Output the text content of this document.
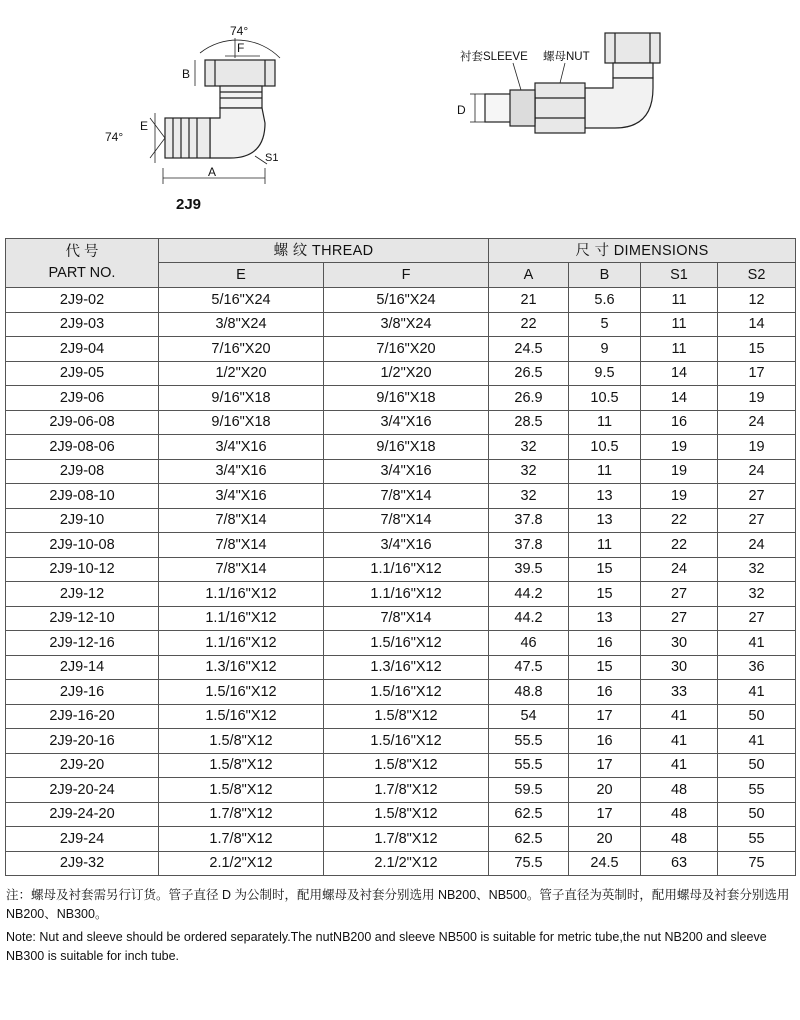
74°
F
B
74°
E
S1
A
2J9
衬套SLEEVE 螺母NUT
D
代 号
PART NO.	螺 纹 THREAD		尺 寸 DIMENSIONS			
	E	F	A	B	S1	S2
2J9-02	5/16"X24	5/16"X24	21	5.6	11	12
2J9-03	3/8"X24	3/8"X24	22	5	11	14
2J9-04	7/16"X20	7/16"X20	24.5	9	11	15
2J9-05	1/2"X20	1/2"X20	26.5	9.5	14	17
2J9-06	9/16"X18	9/16"X18	26.9	10.5	14	19
2J9-06-08	9/16"X18	3/4"X16	28.5	11	16	24
2J9-08-06	3/4"X16	9/16"X18	32	10.5	19	19
2J9-08	3/4"X16	3/4"X16	32	11	19	24
2J9-08-10	3/4"X16	7/8"X14	32	13	19	27
2J9-10	7/8"X14	7/8"X14	37.8	13	22	27
2J9-10-08	7/8"X14	3/4"X16	37.8	11	22	24
2J9-10-12	7/8"X14	1.1/16"X12	39.5	15	24	32
2J9-12	1.1/16"X12	1.1/16"X12	44.2	15	27	32
2J9-12-10	1.1/16"X12	7/8"X14	44.2	13	27	27
2J9-12-16	1.1/16"X12	1.5/16"X12	46	16	30	41
2J9-14	1.3/16"X12	1.3/16"X12	47.5	15	30	36
2J9-16	1.5/16"X12	1.5/16"X12	48.8	16	33	41
2J9-16-20	1.5/16"X12	1.5/8"X12	54	17	41	50
2J9-20-16	1.5/8"X12	1.5/16"X12	55.5	16	41	41
2J9-20	1.5/8"X12	1.5/8"X12	55.5	17	41	50
2J9-20-24	1.5/8"X12	1.7/8"X12	59.5	20	48	55
2J9-24-20	1.7/8"X12	1.5/8"X12	62.5	17	48	50
2J9-24	1.7/8"X12	1.7/8"X12	62.5	20	48	55
2J9-32	2.1/2"X12	2.1/2"X12	75.5	24.5	63	75
注：螺母及衬套需另行订货。管子直径 D 为公制时，配用螺母及衬套分别选用 NB200、NB500。管子直径为英制时，配用螺母及衬套分别选用NB200、NB300。
Note: Nut and sleeve should be ordered separately.The nutNB200 and sleeve NB500 is suitable for metric tube,the nut NB200 and sleeve NB300 is suitable for inch tube.
